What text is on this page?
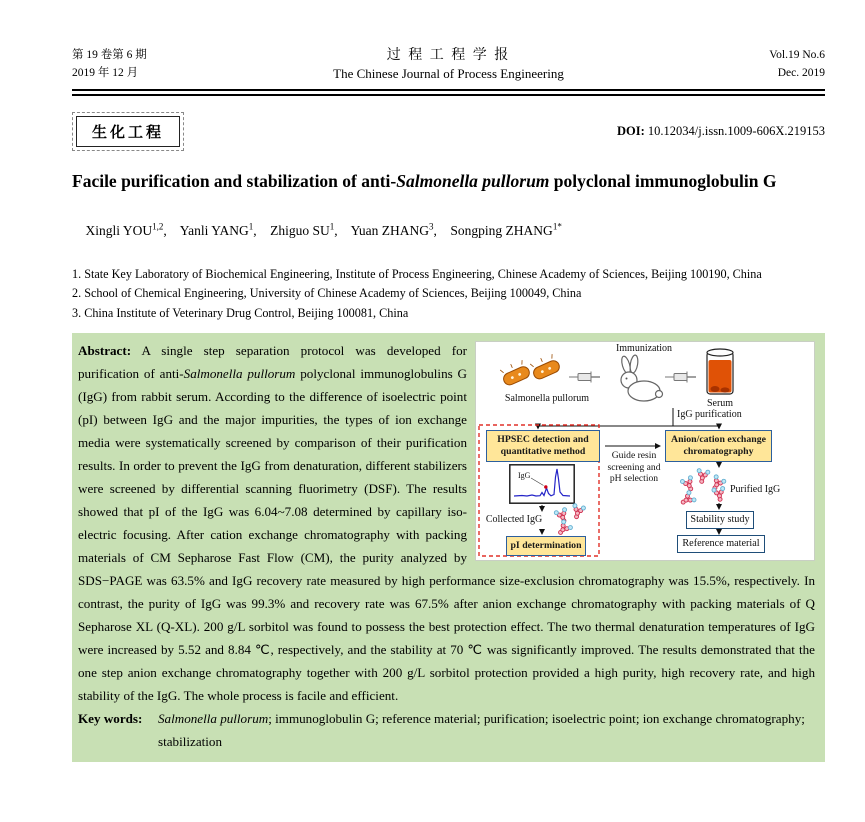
第 19 卷第 6 期
2019 年 12 月
过 程 工 程 学 报
The Chinese Journal of Process Engineering
Vol.19 No.6
Dec. 2019
生化工程	DOI: 10.12034/j.issn.1009-606X.219153
Facile purification and stabilization of anti-Salmonella pullorum polyclonal immunoglobulin G

Xingli YOU$^{1,2}$,    Yanli YANG$^1$,    Zhiguo $SU^1$,    Yuan ZHANG$^3$,    Songping $ZHANG^{1*}$

1. State Key Laboratory of Biochemical Engineering, Institute of Process Engineering, Chinese Academy of Sciences, Beijing 100190, China
2. School of Chemical Engineering, University of Chinese Academy of Sciences, Beijing 100049, China
3. China Institute of Veterinary Drug Control, Beijing 100081, China
Immunization
Salmonella pullorum	Serum
IgG purification
HPSEC detection and quantitative method
Anion/cation exchange chromatography
Guide resin screening and pH selection
IgG
Collected IgG
pI determination
Purified IgG
Stability study
Reference material
Abstract: A single step separation protocol was developed for purification of anti-Salmonella pullorum polyclonal immunoglobulins G (IgG) from rabbit serum. According to the difference of isoelectric point (pI) between IgG and the major impurities, the types of ion exchange media were systematically screened by comparison of their purification results. In order to prevent the IgG from denaturation, different stabilizers were screened by differential scanning fluorimetry (DSF). The results showed that pI of the IgG was 6.04~7.08 determined by capillary iso-electric focusing. After cation exchange chromatography with packing materials of CM Sepharose Fast Flow (CM), the purity analyzed by SDS−PAGE was 63.5% and IgG recovery rate measured by high performance size-exclusion chromatography was 15.5%, respectively. In contrast, the purity of IgG was 99.3% and recovery rate was 67.5% after anion exchange chromatography with packing materials of Q Sepharose XL (Q-XL). 200 g/L sorbitol was found to possess the best protection effect. The two thermal denaturation temperatures of IgG were increased by 5.52 and 8.84 ℃, respectively, and the stability at 70 ℃ was significantly improved. The results demonstrated that the one step anion exchange chromatography together with 200 g/L sorbitol protection provided a high purity, high recovery rate, and high stability of the IgG. The whole process is facile and efficient.
Key words:	Salmonella pullorum; immunoglobulin G; reference material; purification; isoelectric point; ion exchange chromatography; stabilization
